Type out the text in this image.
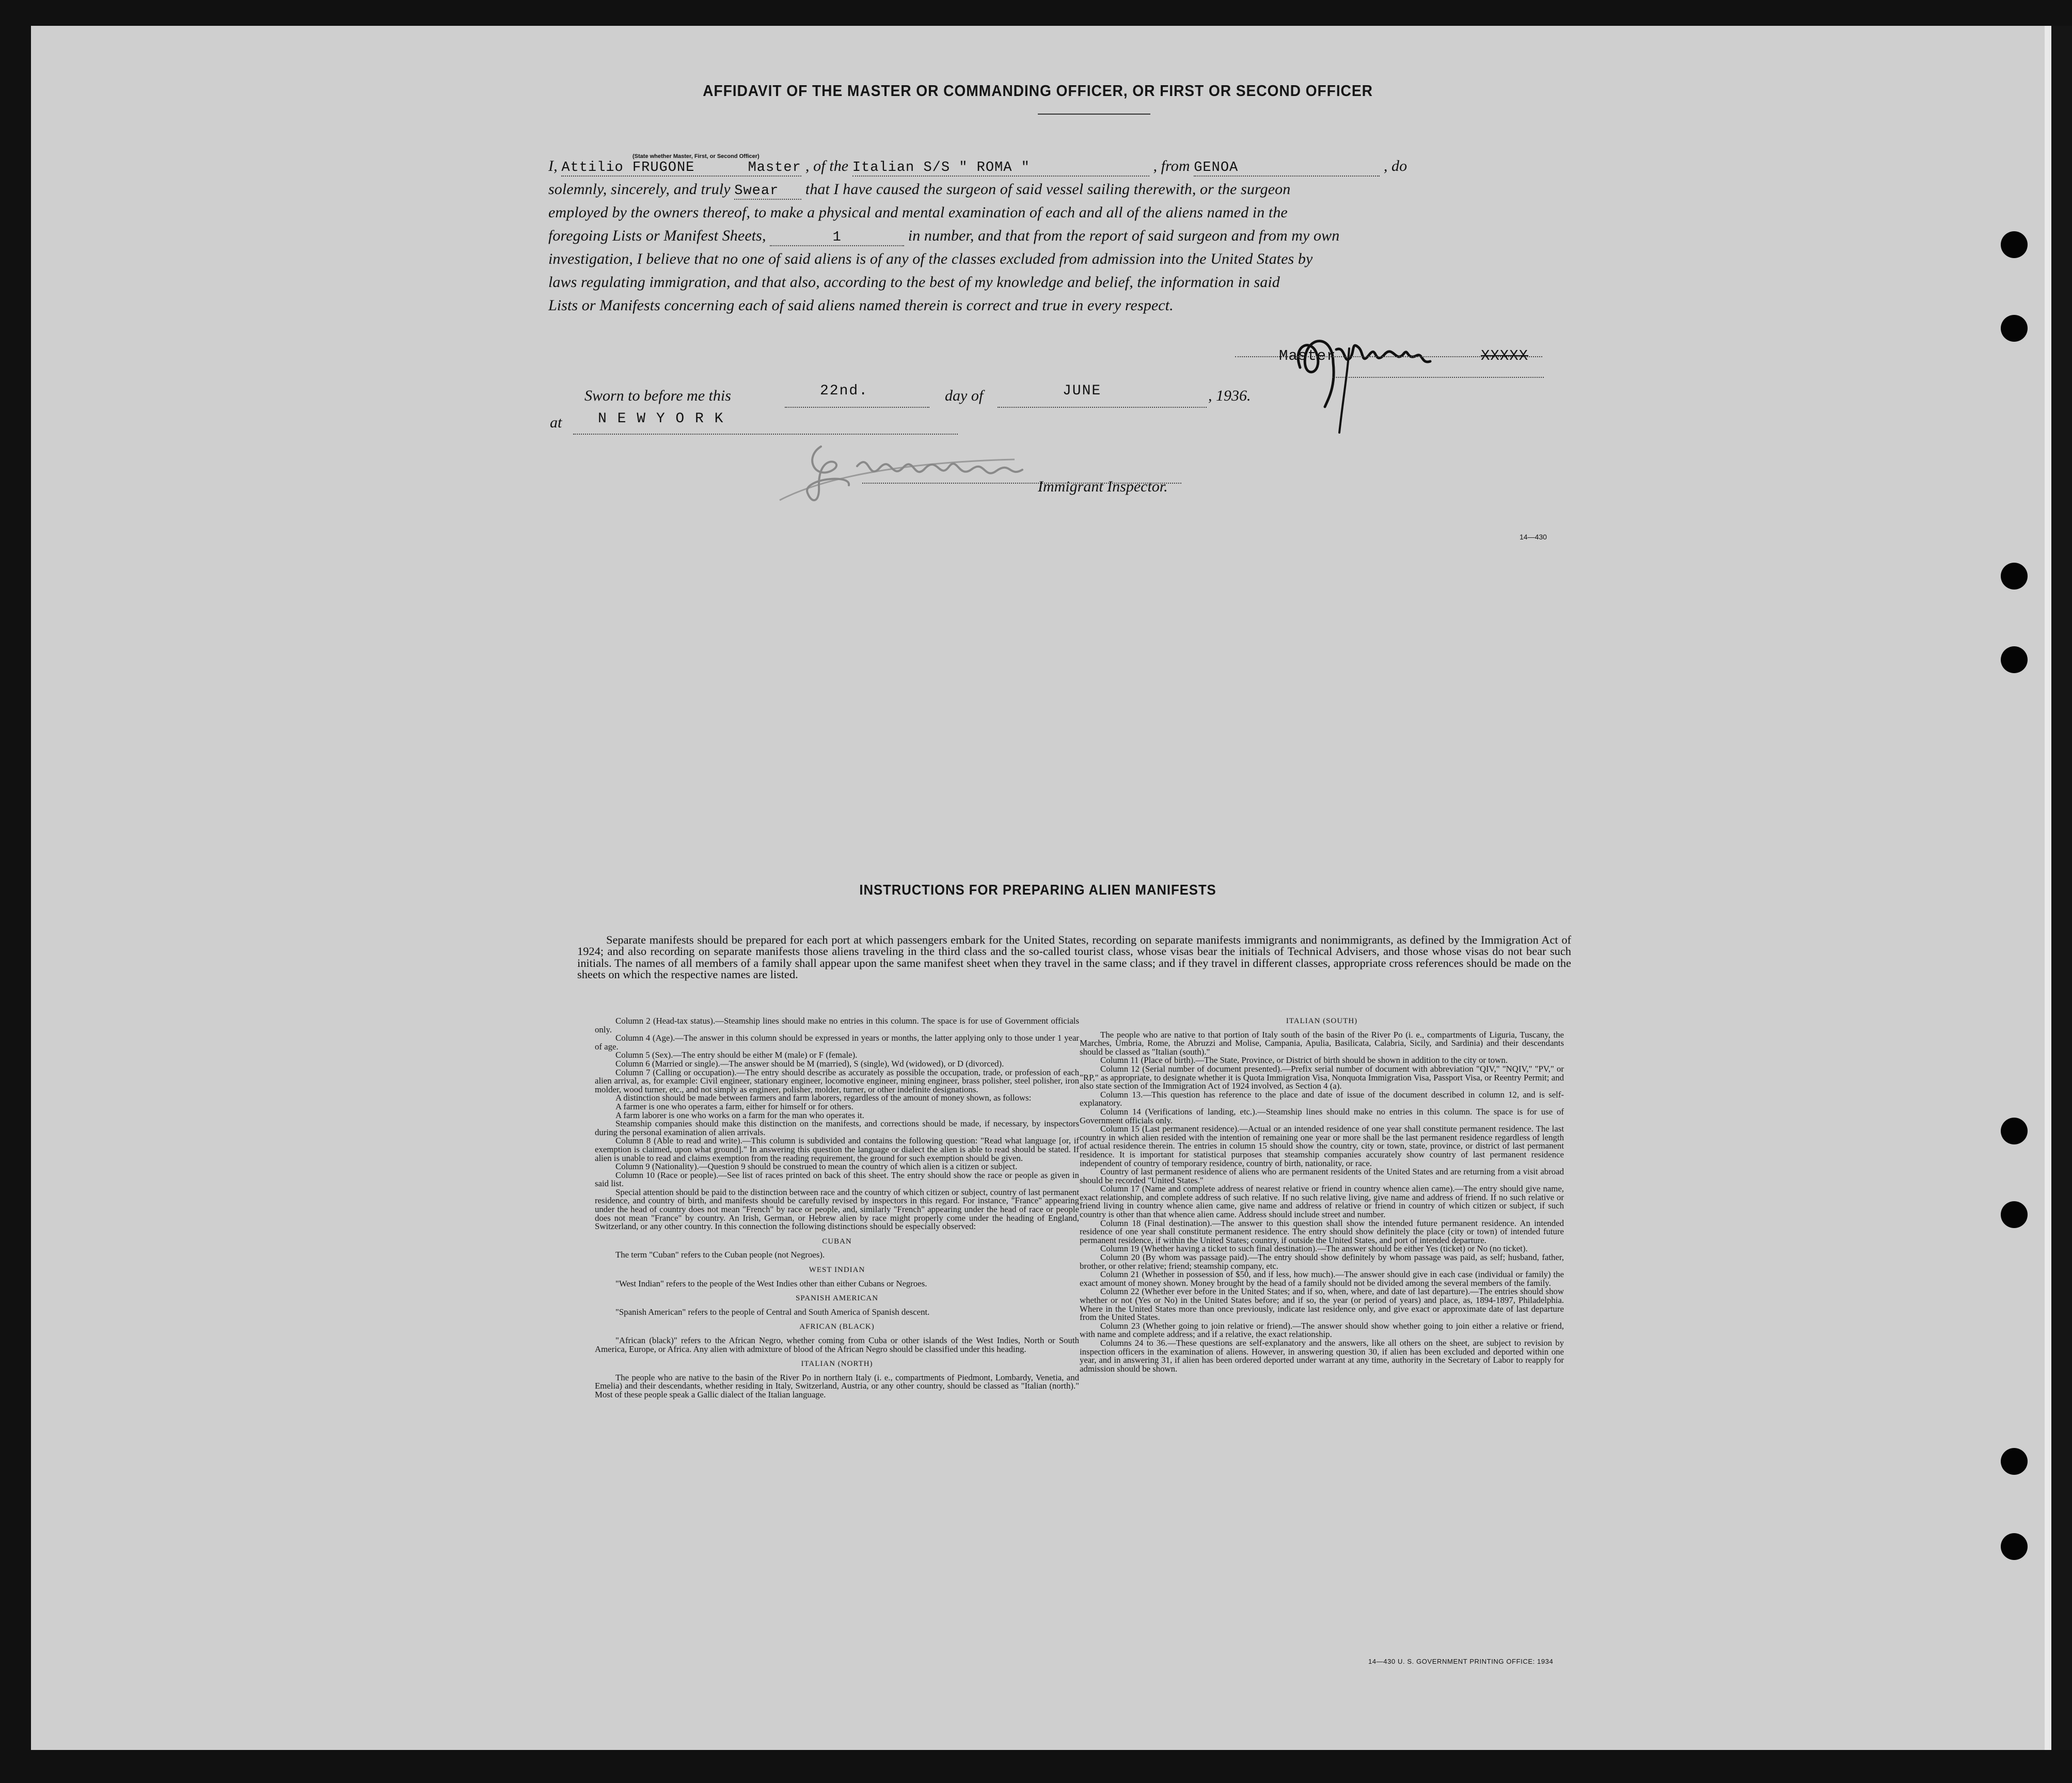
AFFIDAVIT OF THE MASTER OR COMMANDING OFFICER, OR FIRST OR SECOND OFFICER
I, Attilio FRUGONE	Master , of the Italian S/S " ROMA "	, from GENOA	, do
(State whether Master, First, or Second Officer)
solemnly, sincerely, and truly Swear that I have caused the surgeon of said vessel sailing therewith, or the surgeon
employed by the owners thereof, to make a physical and mental examination of each and all of the aliens named in the
foregoing Lists or Manifest Sheets,	1	in number, and that from the report of said surgeon and from my own
investigation, I believe that no one of said aliens is of any of the classes excluded from admission into the United States by
laws regulating immigration, and that also, according to the best of my knowledge and belief, the information in said
Lists or Manifests concerning each of said aliens named therein is correct and true in every respect.
Master	XXXXX
Sworn to before me this	22nd.	day of	JUNE	, 1936.
at N E W Y O R K
Immigrant Inspector.
14—430
INSTRUCTIONS FOR PREPARING ALIEN MANIFESTS
Separate manifests should be prepared for each port at which passengers embark for the United States, recording on separate manifests immigrants and nonimmigrants, as defined by the Immigration Act of 1924; and also recording on separate manifests those aliens traveling in the third class and the so-called tourist class, whose visas bear the initials of Technical Advisers, and those whose visas do not bear such initials. The names of all members of a family shall appear upon the same manifest sheet when they travel in the same class; and if they travel in different classes, appropriate cross references should be made on the sheets on which the respective names are listed.

Column 2 (Head-tax status).—Steamship lines should make no entries in this column. The space is for use of Government officials only.

Column 4 (Age).—The answer in this column should be expressed in years or months, the latter applying only to those under 1 year of age.

Column 5 (Sex).—The entry should be either M (male) or F (female).

Column 6 (Married or single).—The answer should be M (married), S (single), Wd (widowed), or D (divorced).

Column 7 (Calling or occupation).—The entry should describe as accurately as possible the occupation, trade, or profession of each alien arrival, as, for example: Civil engineer, stationary engineer, locomotive engineer, mining engineer, brass polisher, steel polisher, iron molder, wood turner, etc., and not simply as engineer, polisher, molder, turner, or other indefinite designations.

A distinction should be made between farmers and farm laborers, regardless of the amount of money shown, as follows:

A farmer is one who operates a farm, either for himself or for others.

A farm laborer is one who works on a farm for the man who operates it.

Steamship companies should make this distinction on the manifests, and corrections should be made, if necessary, by inspectors during the personal examination of alien arrivals.

Column 8 (Able to read and write).—This column is subdivided and contains the following question: "Read what language [or, if exemption is claimed, upon what ground]." In answering this question the language or dialect the alien is able to read should be stated. If alien is unable to read and claims exemption from the reading requirement, the ground for such exemption should be given.

Column 9 (Nationality).—Question 9 should be construed to mean the country of which alien is a citizen or subject.

Column 10 (Race or people).—See list of races printed on back of this sheet. The entry should show the race or people as given in said list.

Special attention should be paid to the distinction between race and the country of which citizen or subject, country of last permanent residence, and country of birth, and manifests should be carefully revised by inspectors in this regard. For instance, "France" appearing under the head of country does not mean "French" by race or people, and, similarly "French" appearing under the head of race or people does not mean "France" by country. An Irish, German, or Hebrew alien by race might properly come under the heading of England, Switzerland, or any other country. In this connection the following distinctions should be especially observed:

CUBAN

The term "Cuban" refers to the Cuban people (not Negroes).

WEST INDIAN

"West Indian" refers to the people of the West Indies other than either Cubans or Negroes.

SPANISH AMERICAN

"Spanish American" refers to the people of Central and South America of Spanish descent.

AFRICAN (BLACK)

"African (black)" refers to the African Negro, whether coming from Cuba or other islands of the West Indies, North or South America, Europe, or Africa. Any alien with admixture of blood of the African Negro should be classified under this heading.

ITALIAN (NORTH)

The people who are native to the basin of the River Po in northern Italy (i. e., compartments of Piedmont, Lombardy, Venetia, and Emelia) and their descendants, whether residing in Italy, Switzerland, Austria, or any other country, should be classed as "Italian (north)." Most of these people speak a Gallic dialect of the Italian language.

ITALIAN (SOUTH)

The people who are native to that portion of Italy south of the basin of the River Po (i. e., compartments of Liguria, Tuscany, the Marches, Umbria, Rome, the Abruzzi and Molise, Campania, Apulia, Basilicata, Calabria, Sicily, and Sardinia) and their descendants should be classed as "Italian (south)."

Column 11 (Place of birth).—The State, Province, or District of birth should be shown in addition to the city or town.

Column 12 (Serial number of document presented).—Prefix serial number of document with abbreviation "QIV," "NQIV," "PV," or "RP," as appropriate, to designate whether it is Quota Immigration Visa, Nonquota Immigration Visa, Passport Visa, or Reentry Permit; and also state section of the Immigration Act of 1924 involved, as Section 4 (a).

Column 13.—This question has reference to the place and date of issue of the document described in column 12, and is self-explanatory.

Column 14 (Verifications of landing, etc.).—Steamship lines should make no entries in this column. The space is for use of Government officials only.

Column 15 (Last permanent residence).—Actual or an intended residence of one year shall constitute permanent residence. The last country in which alien resided with the intention of remaining one year or more shall be the last permanent residence regardless of length of actual residence therein. The entries in column 15 should show the country, city or town, state, province, or district of last permanent residence. It is important for statistical purposes that steamship companies accurately show country of last permanent residence independent of country of temporary residence, country of birth, nationality, or race.

Country of last permanent residence of aliens who are permanent residents of the United States and are returning from a visit abroad should be recorded "United States."

Column 17 (Name and complete address of nearest relative or friend in country whence alien came).—The entry should give name, exact relationship, and complete address of such relative. If no such relative living, give name and address of friend. If no such relative or friend living in country whence alien came, give name and address of relative or friend in country of which citizen or subject, if such country is other than that whence alien came. Address should include street and number.

Column 18 (Final destination).—The answer to this question shall show the intended future permanent residence. An intended residence of one year shall constitute permanent residence. The entry should show definitely the place (city or town) of intended future permanent residence, if within the United States; country, if outside the United States, and port of intended departure.

Column 19 (Whether having a ticket to such final destination).—The answer should be either Yes (ticket) or No (no ticket).

Column 20 (By whom was passage paid).—The entry should show definitely by whom passage was paid, as self; husband, father, brother, or other relative; friend; steamship company, etc.

Column 21 (Whether in possession of $50, and if less, how much).—The answer should give in each case (individual or family) the exact amount of money shown. Money brought by the head of a family should not be divided among the several members of the family.

Column 22 (Whether ever before in the United States; and if so, when, where, and date of last departure).—The entries should show whether or not (Yes or No) in the United States before; and if so, the year (or period of years) and place, as, 1894-1897, Philadelphia. Where in the United States more than once previously, indicate last residence only, and give exact or approximate date of last departure from the United States.

Column 23 (Whether going to join relative or friend).—The answer should show whether going to join either a relative or friend, with name and complete address; and if a relative, the exact relationship.

Columns 24 to 36.—These questions are self-explanatory and the answers, like all others on the sheet, are subject to revision by inspection officers in the examination of aliens. However, in answering question 30, if alien has been excluded and deported within one year, and in answering 31, if alien has been ordered deported under warrant at any time, authority in the Secretary of Labor to reapply for admission should be shown.

14—430 U. S. GOVERNMENT PRINTING OFFICE: 1934
